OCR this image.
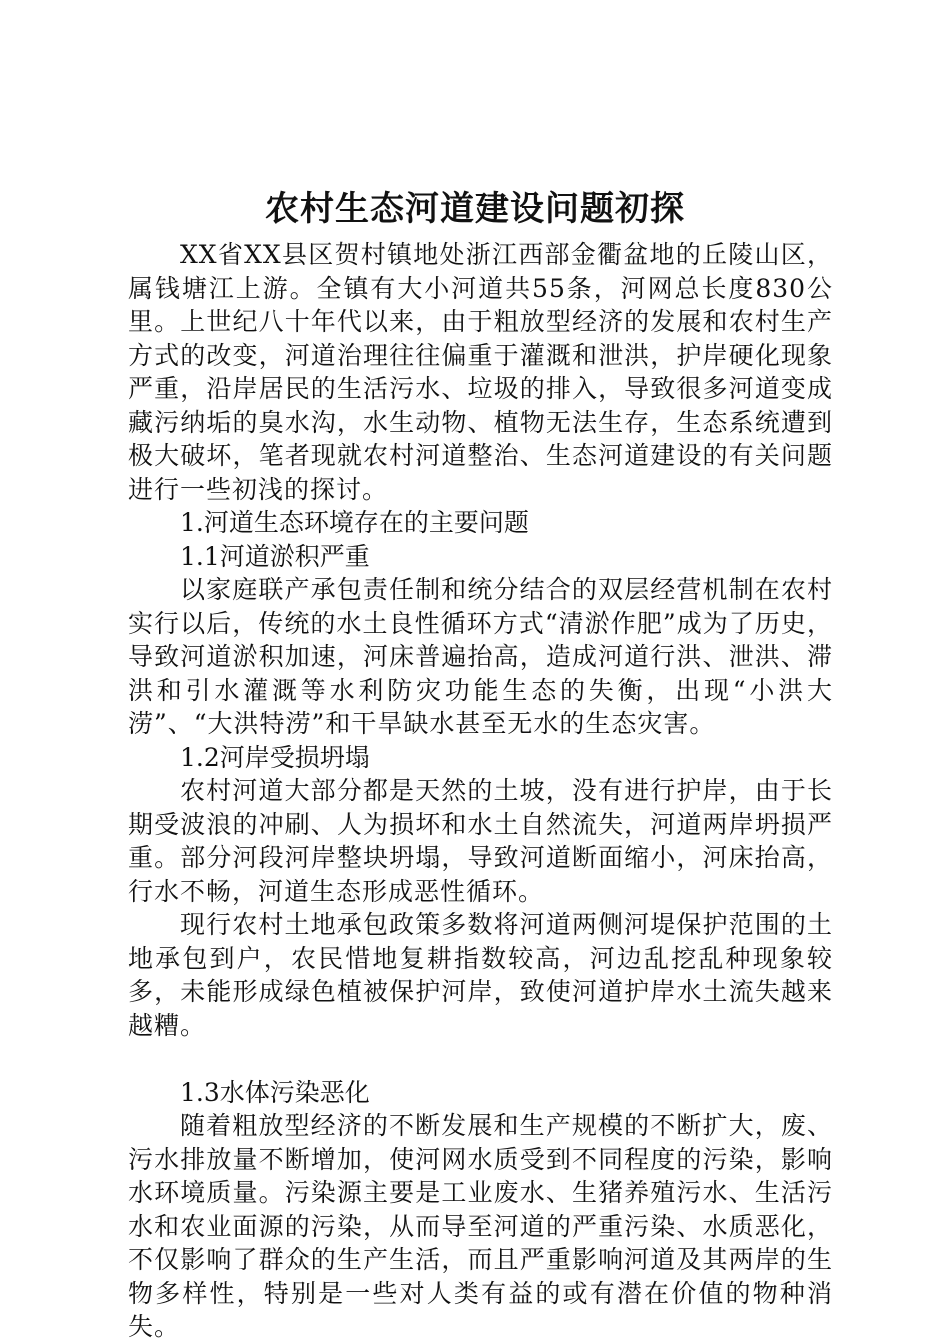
农村生态河道建设问题初探

XX省XX县区贺村镇地处浙江西部金衢盆地的丘陵山区，属钱塘江上游。全镇有大小河道共55条，河网总长度830公里。上世纪八十年代以来，由于粗放型经济的发展和农村生产方式的改变，河道治理往往偏重于灌溉和泄洪，护岸硬化现象严重，沿岸居民的生活污水、垃圾的排入，导致很多河道变成藏污纳垢的臭水沟，水生动物、植物无法生存，生态系统遭到极大破坏，笔者现就农村河道整治、生态河道建设的有关问题进行一些初浅的探讨。

1.河道生态环境存在的主要问题

1.1河道淤积严重

以家庭联产承包责任制和统分结合的双层经营机制在农村实行以后，传统的水土良性循环方式“清淤作肥”成为了历史，导致河道淤积加速，河床普遍抬高，造成河道行洪、泄洪、滞洪和引水灌溉等水利防灾功能生态的失衡，出现“小洪大涝”、“大洪特涝”和干旱缺水甚至无水的生态灾害。

1.2河岸受损坍塌

农村河道大部分都是天然的土坡，没有进行护岸，由于长期受波浪的冲刷、人为损坏和水土自然流失，河道两岸坍损严重。部分河段河岸整块坍塌，导致河道断面缩小，河床抬高，行水不畅，河道生态形成恶性循环。

现行农村土地承包政策多数将河道两侧河堤保护范围的土地承包到户，农民惜地复耕指数较高，河边乱挖乱种现象较多，未能形成绿色植被保护河岸，致使河道护岸水土流失越来越糟。

1.3水体污染恶化

随着粗放型经济的不断发展和生产规模的不断扩大，废、污水排放量不断增加，使河网水质受到不同程度的污染，影响水环境质量。污染源主要是工业废水、生猪养殖污水、生活污水和农业面源的污染，从而导至河道的严重污染、水质恶化，不仅影响了群众的生产生活，而且严重影响河道及其两岸的生物多样性，特别是一些对人类有益的或有潜在价值的物种消失。
